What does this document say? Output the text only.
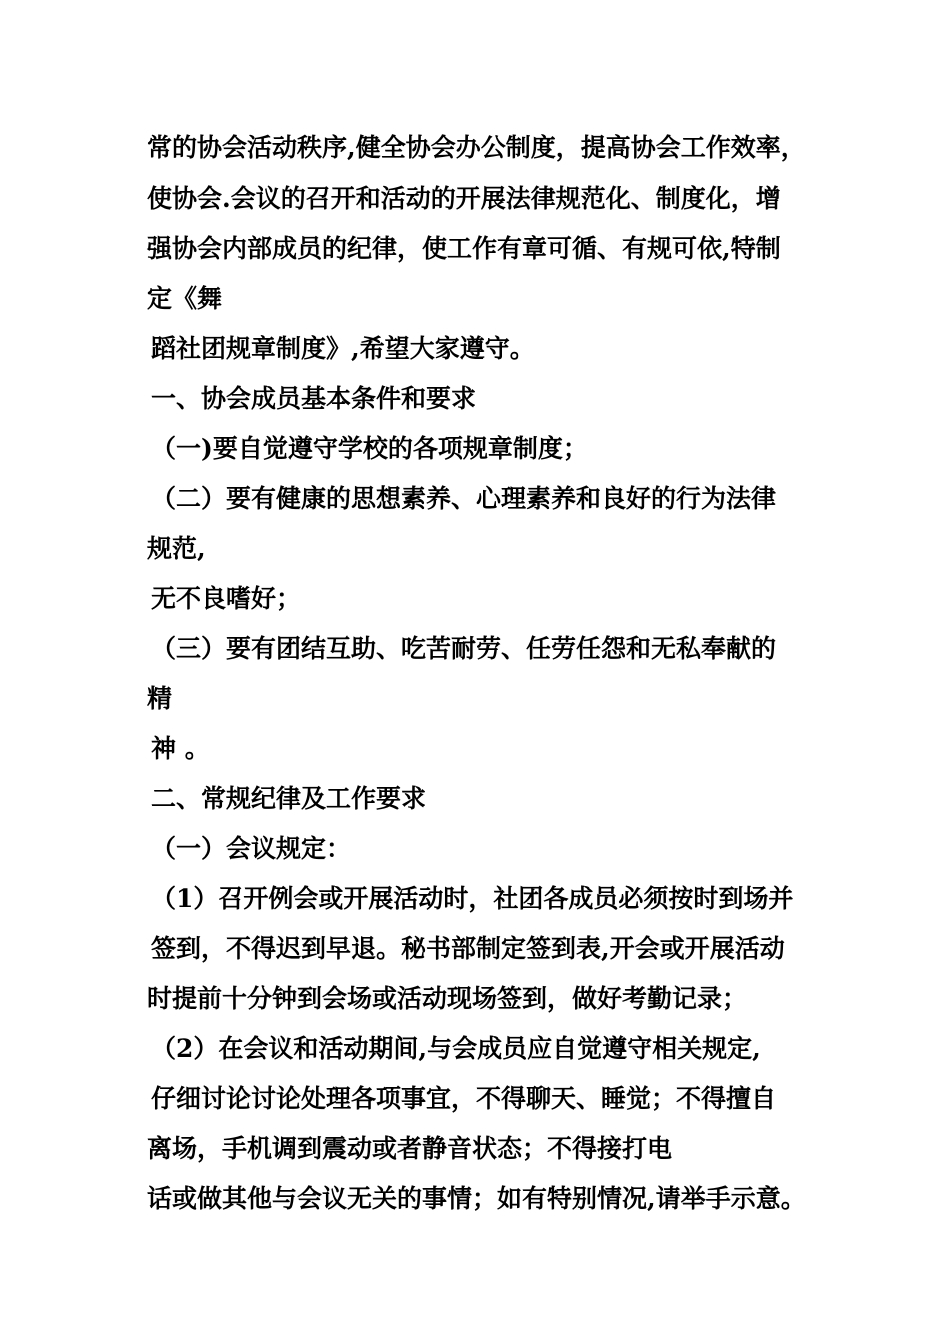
常的协会活动秩序,健全协会办公制度，提高协会工作效率，

使协会.会议的召开和活动的开展法律规范化、制度化，增

强协会内部成员的纪律，使工作有章可循、有规可依,特制

定《舞

蹈社团规章制度》,希望大家遵守。

一、协会成员基本条件和要求

（一)要自觉遵守学校的各项规章制度；

（二）要有健康的思想素养、心理素养和良好的行为法律

规范,

无不良嗜好；

（三）要有团结互助、吃苦耐劳、任劳任怨和无私奉献的

精

神 。

二、常规纪律及工作要求

（一）会议规定：

（1）召开例会或开展活动时，社团各成员必须按时到场并

签到，不得迟到早退。秘书部制定签到表,开会或开展活动

时提前十分钟到会场或活动现场签到，做好考勤记录；

（2）在会议和活动期间,与会成员应自觉遵守相关规定,

仔细讨论讨论处理各项事宜，不得聊天、睡觉；不得擅自

离场，手机调到震动或者静音状态；不得接打电

话或做其他与会议无关的事情；如有特别情况,请举手示意。
